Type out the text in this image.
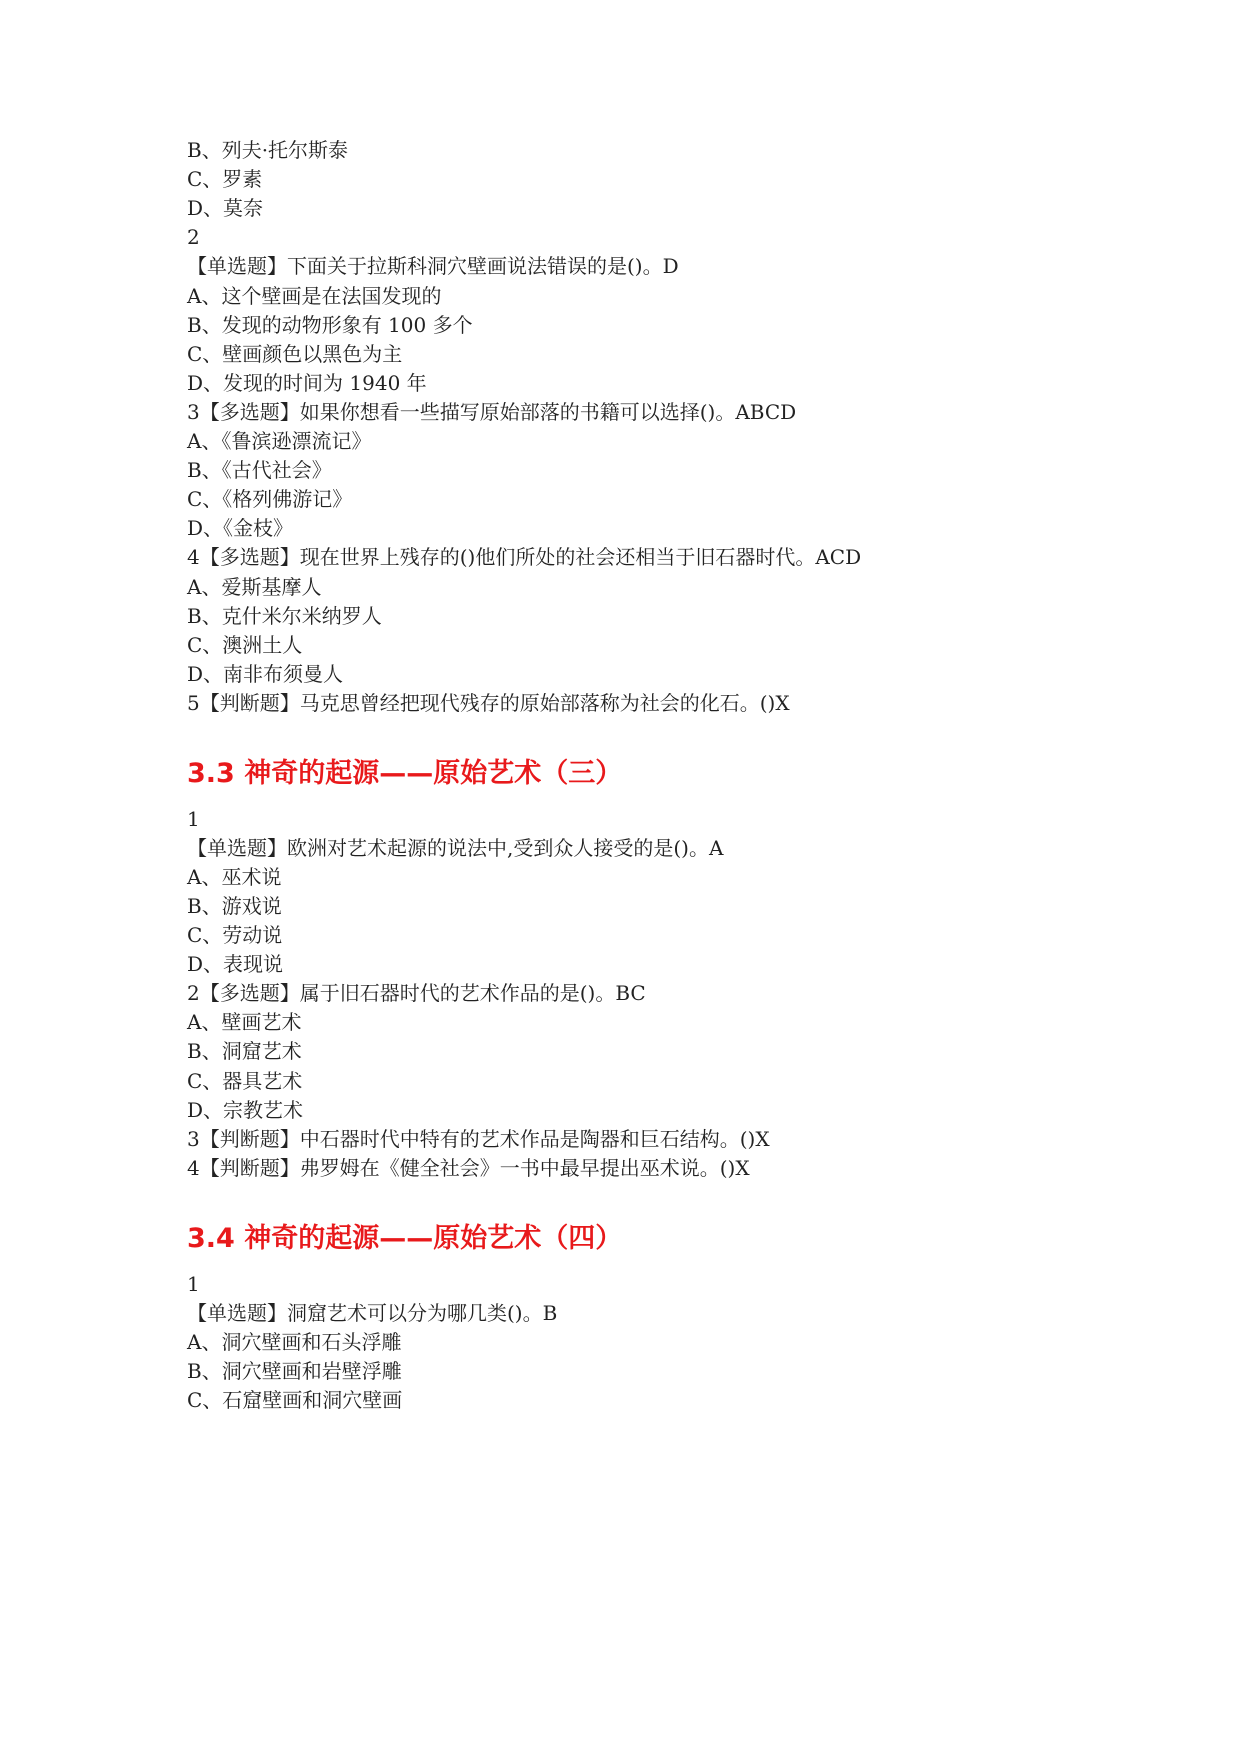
B、列夫·托尔斯泰
C、罗素
D、莫奈
2
【单选题】下面关于拉斯科洞穴壁画说法错误的是()。D
A、这个壁画是在法国发现的
B、发现的动物形象有 100 多个
C、壁画颜色以黑色为主
D、发现的时间为 1940 年
3【多选题】如果你想看一些描写原始部落的书籍可以选择()。ABCD
A、《鲁滨逊漂流记》
B、《古代社会》
C、《格列佛游记》
D、《金枝》
4【多选题】现在世界上残存的()他们所处的社会还相当于旧石器时代。ACD
A、爱斯基摩人
B、克什米尔米纳罗人
C、澳洲土人
D、南非布须曼人
5【判断题】马克思曾经把现代残存的原始部落称为社会的化石。()X
3.3 神奇的起源——原始艺术（三）
1
【单选题】欧洲对艺术起源的说法中,受到众人接受的是()。A
A、巫术说
B、游戏说
C、劳动说
D、表现说
2【多选题】属于旧石器时代的艺术作品的是()。BC
A、壁画艺术
B、洞窟艺术
C、器具艺术
D、宗教艺术
3【判断题】中石器时代中特有的艺术作品是陶器和巨石结构。()X
4【判断题】弗罗姆在《健全社会》一书中最早提出巫术说。()X
3.4 神奇的起源——原始艺术（四）
1
【单选题】洞窟艺术可以分为哪几类()。B
A、洞穴壁画和石头浮雕
B、洞穴壁画和岩壁浮雕
C、石窟壁画和洞穴壁画
